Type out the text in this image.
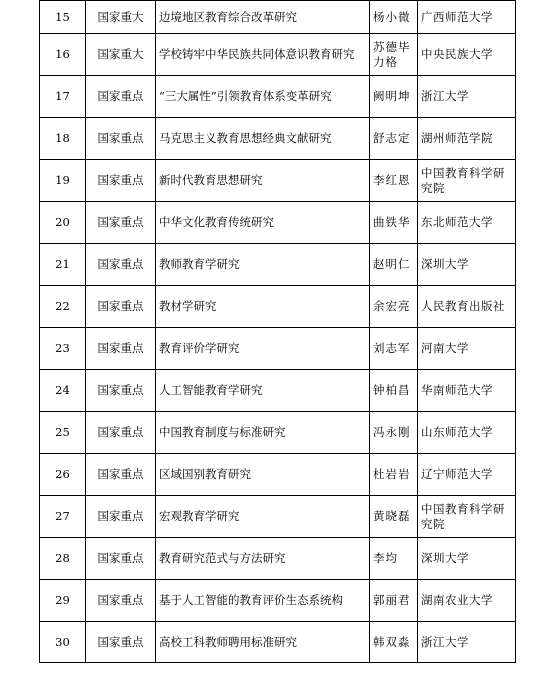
15	国家重大	边境地区教育综合改革研究	杨小微	广西师范大学
16	国家重大	学校铸牢中华民族共同体意识教育研究	苏德毕力格	中央民族大学
17	国家重点	“三大属性”引领教育体系变革研究	阙明坤	浙江大学
18	国家重点	马克思主义教育思想经典文献研究	舒志定	湖州师范学院
19	国家重点	新时代教育思想研究	李红恩	中国教育科学研究院
20	国家重点	中华文化教育传统研究	曲铁华	东北师范大学
21	国家重点	教师教育学研究	赵明仁	深圳大学
22	国家重点	教材学研究	余宏亮	人民教育出版社
23	国家重点	教育评价学研究	刘志军	河南大学
24	国家重点	人工智能教育学研究	钟柏昌	华南师范大学
25	国家重点	中国教育制度与标准研究	冯永刚	山东师范大学
26	国家重点	区域国别教育研究	杜岩岩	辽宁师范大学
27	国家重点	宏观教育学研究	黄晓磊	中国教育科学研究院
28	国家重点	教育研究范式与方法研究	李均	深圳大学
29	国家重点	基于人工智能的教育评价生态系统构	郭丽君	湖南农业大学
30	国家重点	高校工科教师聘用标准研究	韩双淼	浙江大学
